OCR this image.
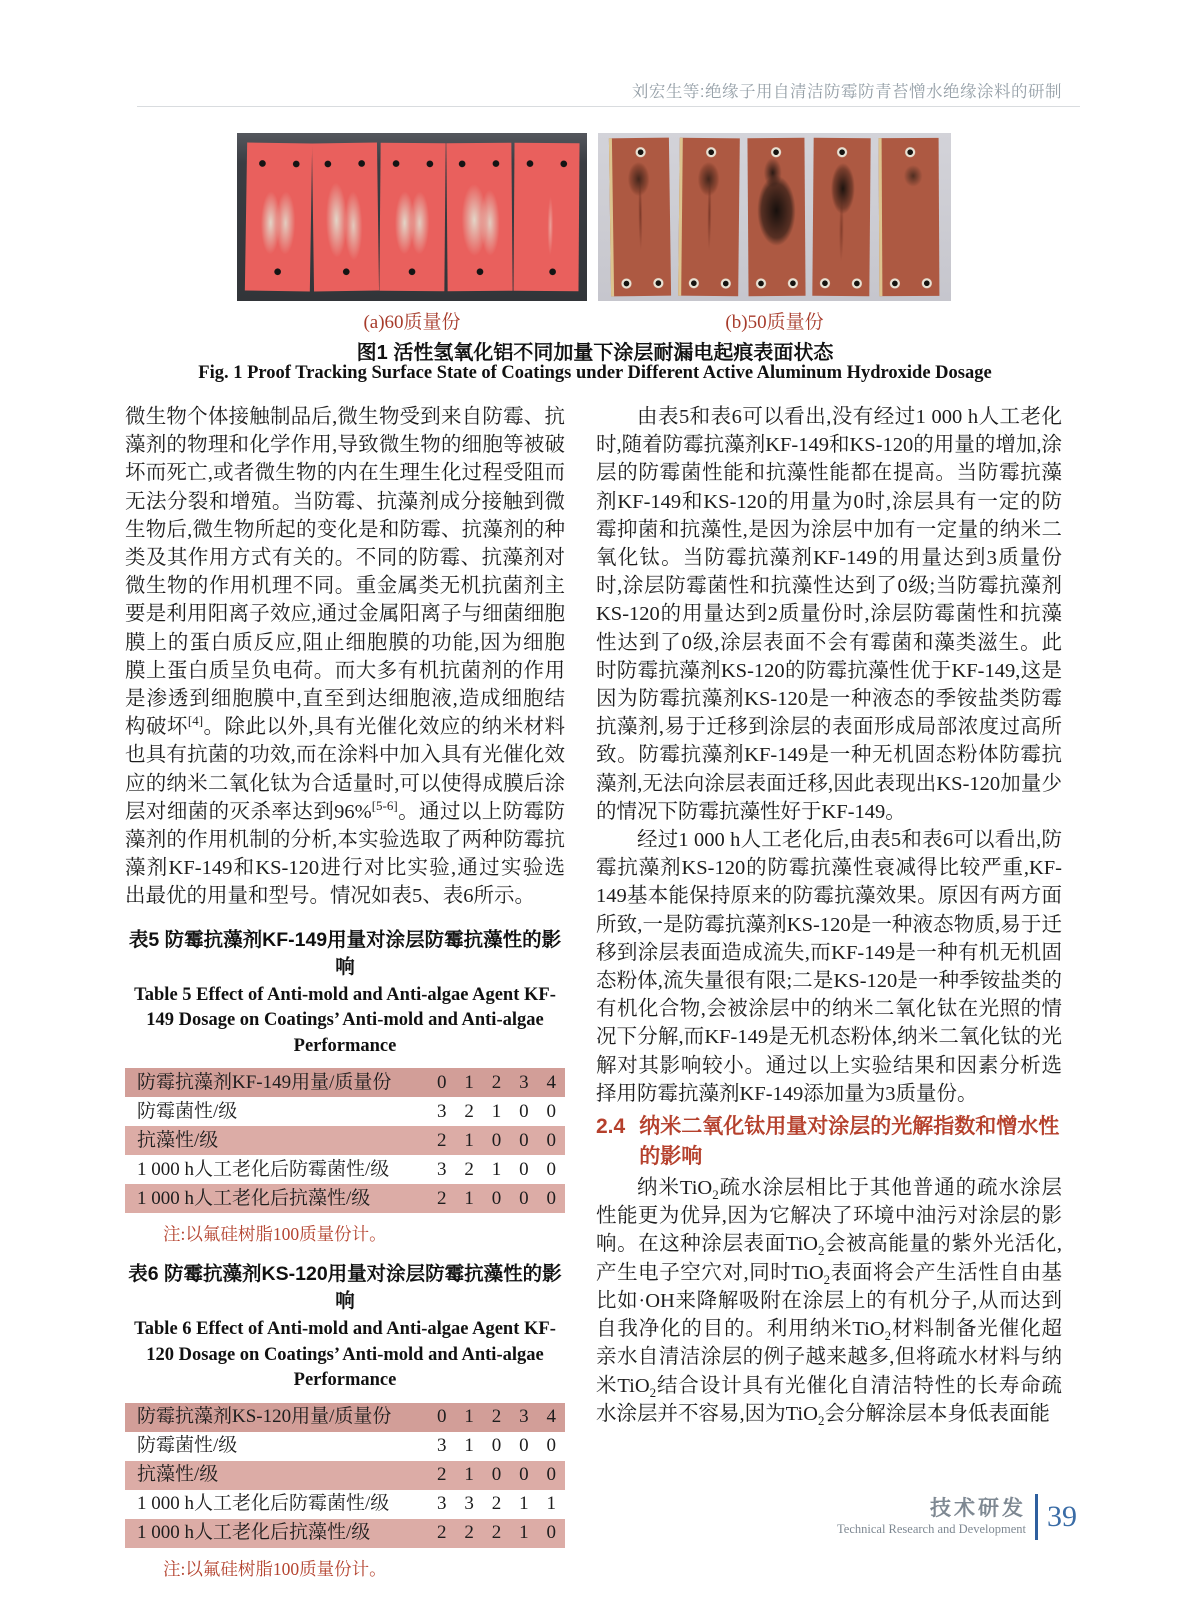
刘宏生等:绝缘子用自清洁防霉防青苔憎水绝缘涂料的研制
(a)60质量份	(b)50质量份
图1 活性氢氧化铝不同加量下涂层耐漏电起痕表面状态
Fig. 1 Proof Tracking Surface State of Coatings under Different Active Aluminum Hydroxide Dosage

微生物个体接触制品后,微生物受到来自防霉、抗藻剂的物理和化学作用,导致微生物的细胞等被破坏而死亡,或者微生物的内在生理生化过程受阻而无法分裂和增殖。当防霉、抗藻剂成分接触到微生物后,微生物所起的变化是和防霉、抗藻剂的种类及其作用方式有关的。不同的防霉、抗藻剂对微生物的作用机理不同。重金属类无机抗菌剂主要是利用阳离子效应,通过金属阳离子与细菌细胞膜上的蛋白质反应,阻止细胞膜的功能,因为细胞膜上蛋白质呈负电荷。而大多有机抗菌剂的作用是渗透到细胞膜中,直至到达细胞液,造成细胞结构破坏[4]。除此以外,具有光催化效应的纳米材料也具有抗菌的功效,而在涂料中加入具有光催化效应的纳米二氧化钛为合适量时,可以使得成膜后涂层对细菌的灭杀率达到96%[5-6]。通过以上防霉防藻剂的作用机制的分析,本实验选取了两种防霉抗藻剂KF-149和KS-120进行对比实验,通过实验选出最优的用量和型号。情况如表5、表6所示。

表5 防霉抗藻剂KF-149用量对涂层防霉抗藻性的影响
Table 5 Effect of Anti-mold and Anti-algae Agent KF-149 Dosage on Coatings’ Anti-mold and Anti-algae Performance
防霉抗藻剂KF-149用量/质量份	0	1	2	3	4
防霉菌性/级	3	2	1	0	0
抗藻性/级	2	1	0	0	0
1 000 h人工老化后防霉菌性/级	3	2	1	0	0
1 000 h人工老化后抗藻性/级	2	1	0	0	0
注:以氟硅树脂100质量份计。
表6 防霉抗藻剂KS-120用量对涂层防霉抗藻性的影响
Table 6 Effect of Anti-mold and Anti-algae Agent KF-120 Dosage on Coatings’ Anti-mold and Anti-algae Performance
防霉抗藻剂KS-120用量/质量份	0	1	2	3	4
防霉菌性/级	3	1	0	0	0
抗藻性/级	2	1	0	0	0
1 000 h人工老化后防霉菌性/级	3	3	2	1	1
1 000 h人工老化后抗藻性/级	2	2	2	1	0
注:以氟硅树脂100质量份计。

由表5和表6可以看出,没有经过1 000 h人工老化时,随着防霉抗藻剂KF-149和KS-120的用量的增加,涂层的防霉菌性能和抗藻性能都在提高。当防霉抗藻剂KF-149和KS-120的用量为0时,涂层具有一定的防霉抑菌和抗藻性,是因为涂层中加有一定量的纳米二氧化钛。当防霉抗藻剂KF-149的用量达到3质量份时,涂层防霉菌性和抗藻性达到了0级;当防霉抗藻剂KS-120的用量达到2质量份时,涂层防霉菌性和抗藻性达到了0级,涂层表面不会有霉菌和藻类滋生。此时防霉抗藻剂KS-120的防霉抗藻性优于KF-149,这是因为防霉抗藻剂KS-120是一种液态的季铵盐类防霉抗藻剂,易于迁移到涂层的表面形成局部浓度过高所致。防霉抗藻剂KF-149是一种无机固态粉体防霉抗藻剂,无法向涂层表面迁移,因此表现出KS-120加量少的情况下防霉抗藻性好于KF-149。

经过1 000 h人工老化后,由表5和表6可以看出,防霉抗藻剂KS-120的防霉抗藻性衰减得比较严重,KF-149基本能保持原来的防霉抗藻效果。原因有两方面所致,一是防霉抗藻剂KS-120是一种液态物质,易于迁移到涂层表面造成流失,而KF-149是一种有机无机固态粉体,流失量很有限;二是KS-120是一种季铵盐类的有机化合物,会被涂层中的纳米二氧化钛在光照的情况下分解,而KF-149是无机态粉体,纳米二氧化钛的光解对其影响较小。通过以上实验结果和因素分析选择用防霉抗藻剂KF-149添加量为3质量份。

2.4 纳米二氧化钛用量对涂层的光解指数和憎水性的影响

纳米TiO$_2$疏水涂层相比于其他普通的疏水涂层性能更为优异,因为它解决了环境中油污对涂层的影响。在这种涂层表面TiO$_2$会被高能量的紫外光活化,产生电子空穴对,同时TiO$_2$表面将会产生活性自由基比如·OH来降解吸附在涂层上的有机分子,从而达到自我净化的目的。利用纳米TiO$_2$材料制备光催化超亲水自清洁涂层的例子越来越多,但将疏水材料与纳米TiO$_2$结合设计具有光催化自清洁特性的长寿命疏水涂层并不容易,因为TiO$_2$会分解涂层本身低表面能

技术研发
Technical Research and Development 39
